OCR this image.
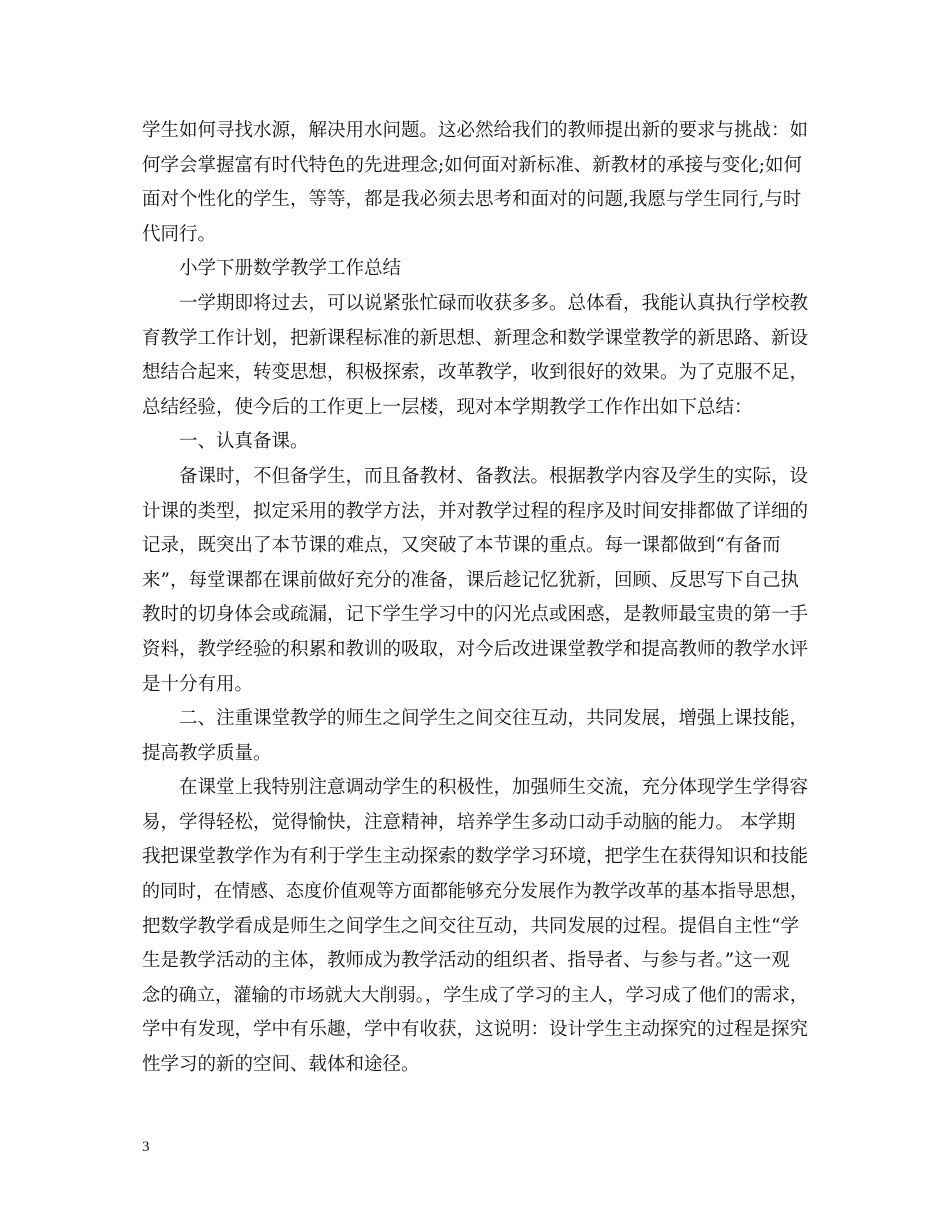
学生如何寻找水源，解决用水问题。这必然给我们的教师提出新的要求与挑战：如
何学会掌握富有时代特色的先进理念;如何面对新标准、新教材的承接与变化;如何
面对个性化的学生，等等，都是我必须去思考和面对的问题,我愿与学生同行,与时
代同行。
小学下册数学教学工作总结
一学期即将过去，可以说紧张忙碌而收获多多。总体看，我能认真执行学校教
育教学工作计划，把新课程标准的新思想、新理念和数学课堂教学的新思路、新设
想结合起来，转变思想，积极探索，改革教学，收到很好的效果。为了克服不足，
总结经验，使今后的工作更上一层楼，现对本学期教学工作作出如下总结：
一、认真备课。
备课时，不但备学生，而且备教材、备教法。根据教学内容及学生的实际，设
计课的类型，拟定采用的教学方法，并对教学过程的程序及时间安排都做了详细的
记录，既突出了本节课的难点，又突破了本节课的重点。每一课都做到“有备而
来”，每堂课都在课前做好充分的准备，课后趁记忆犹新，回顾、反思写下自己执
教时的切身体会或疏漏，记下学生学习中的闪光点或困惑，是教师最宝贵的第一手
资料，教学经验的积累和教训的吸取，对今后改进课堂教学和提高教师的教学水评
是十分有用。
二、注重课堂教学的师生之间学生之间交往互动，共同发展，增强上课技能，
提高教学质量。
在课堂上我特别注意调动学生的积极性，加强师生交流，充分体现学生学得容
易，学得轻松，觉得愉快，注意精神，培养学生多动口动手动脑的能力。 本学期
我把课堂教学作为有利于学生主动探索的数学学习环境，把学生在获得知识和技能
的同时，在情感、态度价值观等方面都能够充分发展作为教学改革的基本指导思想，
把数学教学看成是师生之间学生之间交往互动，共同发展的过程。提倡自主性“学
生是教学活动的主体，教师成为教学活动的组织者、指导者、与参与者。”这一观
念的确立，灌输的市场就大大削弱。，学生成了学习的主人，学习成了他们的需求，
学中有发现，学中有乐趣，学中有收获，这说明：设计学生主动探究的过程是探究
性学习的新的空间、载体和途径。
3
